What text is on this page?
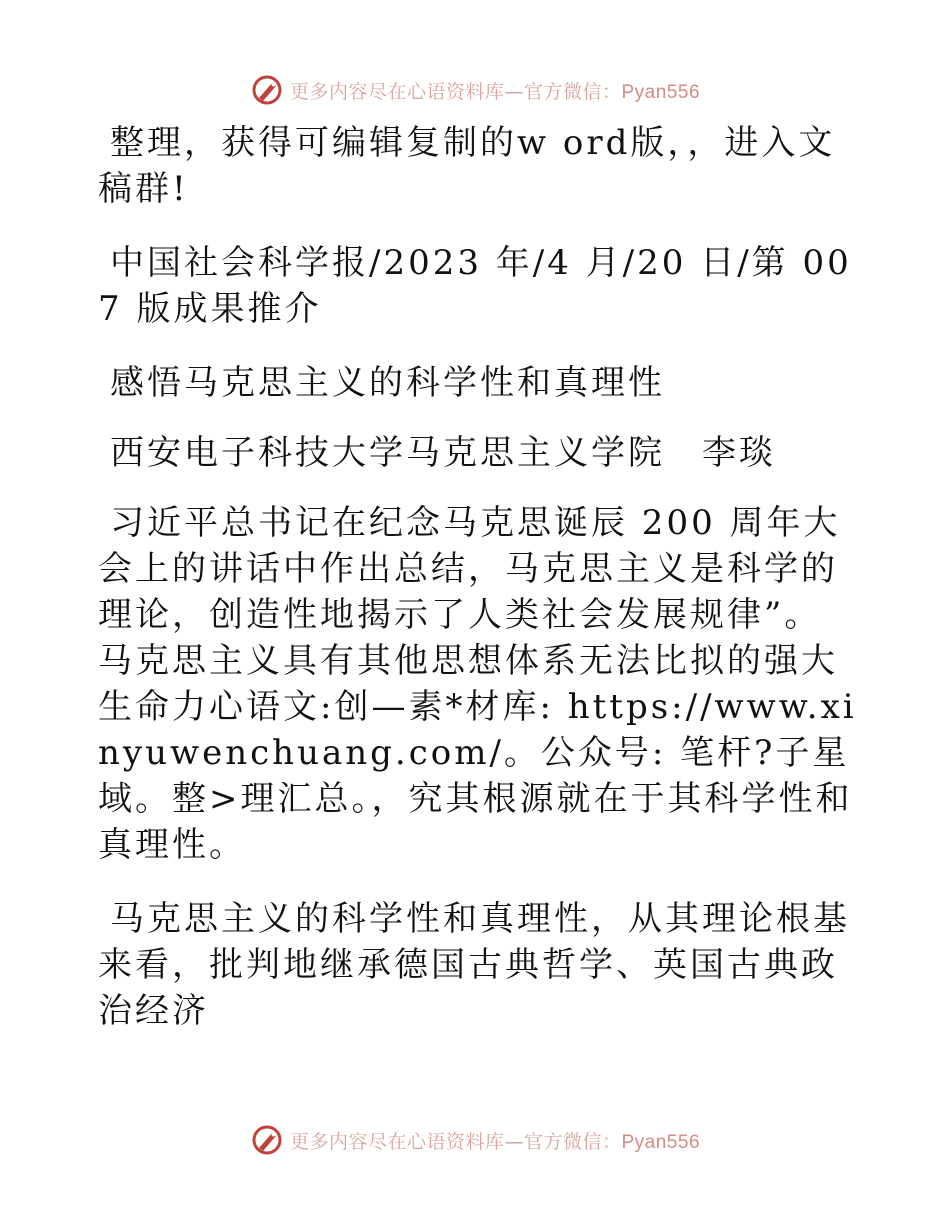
更多内容尽在心语资料库—官方微信：Pyan556

整理，获得可编辑复制的w ord版，，进入文稿群!

中国社会科学报/2023 年/4 月/20 日/第 007 版成果推介

感悟马克思主义的科学性和真理性

西安电子科技大学马克思主义学院　李琰

习近平总书记在纪念马克思诞辰 200 周年大会上的讲话中作出总结，马克思主义是科学的理论，创造性地揭示了人类社会发展规律”。马克思主义具有其他思想体系无法比拟的强大生命力心语文:创—素*材库: https://www.xinyuwenchuang.com/。公众号: 笔杆?子星域。整>理汇总。，究其根源就在于其科学性和真理性。

马克思主义的科学性和真理性，从其理论根基来看，批判地继承德国古典哲学、英国古典政治经济

更多内容尽在心语资料库—官方微信：Pyan556
